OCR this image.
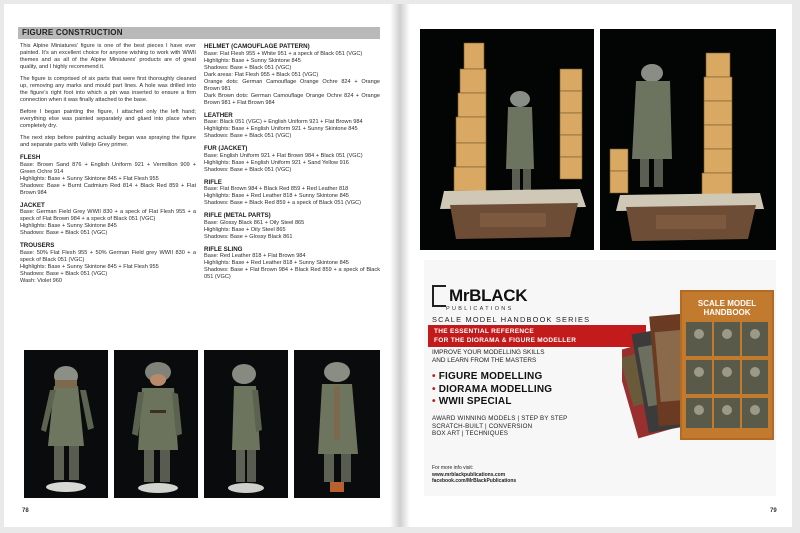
FIGURE CONSTRUCTION

This Alpine Miniatures’ figure is one of the best pieces I have ever painted. It’s an excellent choice for anyone wishing to work with WWII themes and as all of the Alpine Miniatures’ products are of great quality, and I highly recommend it.

The figure is comprised of six parts that were first thoroughly cleaned up, removing any marks and mould part lines. A hole was drilled into the figure’s right foot into which a pin was inserted to ensure a firm connection when it was finally attached to the base.

Before I began painting the figure, I attached only the left hand; everything else was painted separately and glued into place when completely dry.

The next step before painting actually began was spraying the figure and separate parts with Vallejo Grey primer.

FLESH
Base: Brown Sand 876 + English Uniform 921 + Vermillion 909 + Green Ochre 914
Highlights: Base + Sunny Skintone 845 + Flat Flesh 955
Shadows: Base + Burnt Cadmium Red 814 + Black Red 859 + Flat Brown 984
JACKET
Base: German Field Grey WWII 830 + a speck of Flat Flesh 955 + a speck of Flat Brown 984 + a speck of Black 051 (VGC)
Highlights: Base + Sunny Skintone 845
Shadows: Base + Black 051 (VGC)
TROUSERS
Base: 50% Flat Flesh 955 + 50% German Field grey WWII 830 + a speck of Black 051 (VGC)
Highlights: Base + Sunny Skintone 845 + Flat Flesh 955
Shadows: Base + Black 051 (VGC)
Wash: Violet 960
HELMET (CAMOUFLAGE PATTERN)
Base: Flat Flesh 955 + White 951 + a speck of Black 051 (VGC)
Highlights: Base + Sunny Skintone 845
Shadows: Base + Black 051 (VGC)
Dark areas: Flat Flesh 955 + Black 051 (VGC)
Orange dots: German Camouflage Orange Ochre 824 + Orange Brown 981
Dark Brown dots: German Camouflage Orange Ochre 824 + Orange Brown 981 + Flat Brown 984
LEATHER
Base: Black 051 (VGC) + English Uniform 921 + Flat Brown 984
Highlights: Base + English Uniform 921 + Sunny Skintone 845
Shadows: Base + Black 051 (VGC)
FUR (JACKET)
Base: English Uniform 921 + Flat Brown 984 + Black 051 (VGC)
Highlights: Base + English Uniform 921 + Sand Yellow 916
Shadows: Base + Black 051 (VGC)
RIFLE
Base: Flat Brown 984 + Black Red 859 + Red Leather 818
Highlights: Base + Red Leather 818 + Sunny Skintone 845
Shadows: Base + Black Red 859 + a speck of Black 051 (VGC)
RIFLE (METAL PARTS)
Base: Glossy Black 861 + Oily Steel 865
Highlights: Base + Oily Steel 865
Shadows: Base + Glossy Black 861
RIFLE SLING
Base: Red Leather 818 + Flat Brown 984
Highlights: Base + Red Leather 818 + Sunny Skintone 845
Shadows: Base + Flat Brown 984 + Black Red 859 + a speck of Black 051 (VGC)
78
MrBLACK
PUBLICATIONS
SCALE MODEL HANDBOOK SERIES
THE ESSENTIAL REFERENCE
FOR THE DIORAMA & FIGURE MODELLER
IMPROVE YOUR MODELLING SKILLS
AND LEARN FROM THE MASTERS
• FIGURE MODELLING
• DIORAMA MODELLING
• WWII SPECIAL
AWARD WINNING MODELS | STEP BY STEP
SCRATCH-BUILT | CONVERSION
BOX ART | TECHNIQUES
For more info visit:
www.mrblackpublications.com
facebook.com/MrBlackPublications
SCALE MODEL
HANDBOOK
79
